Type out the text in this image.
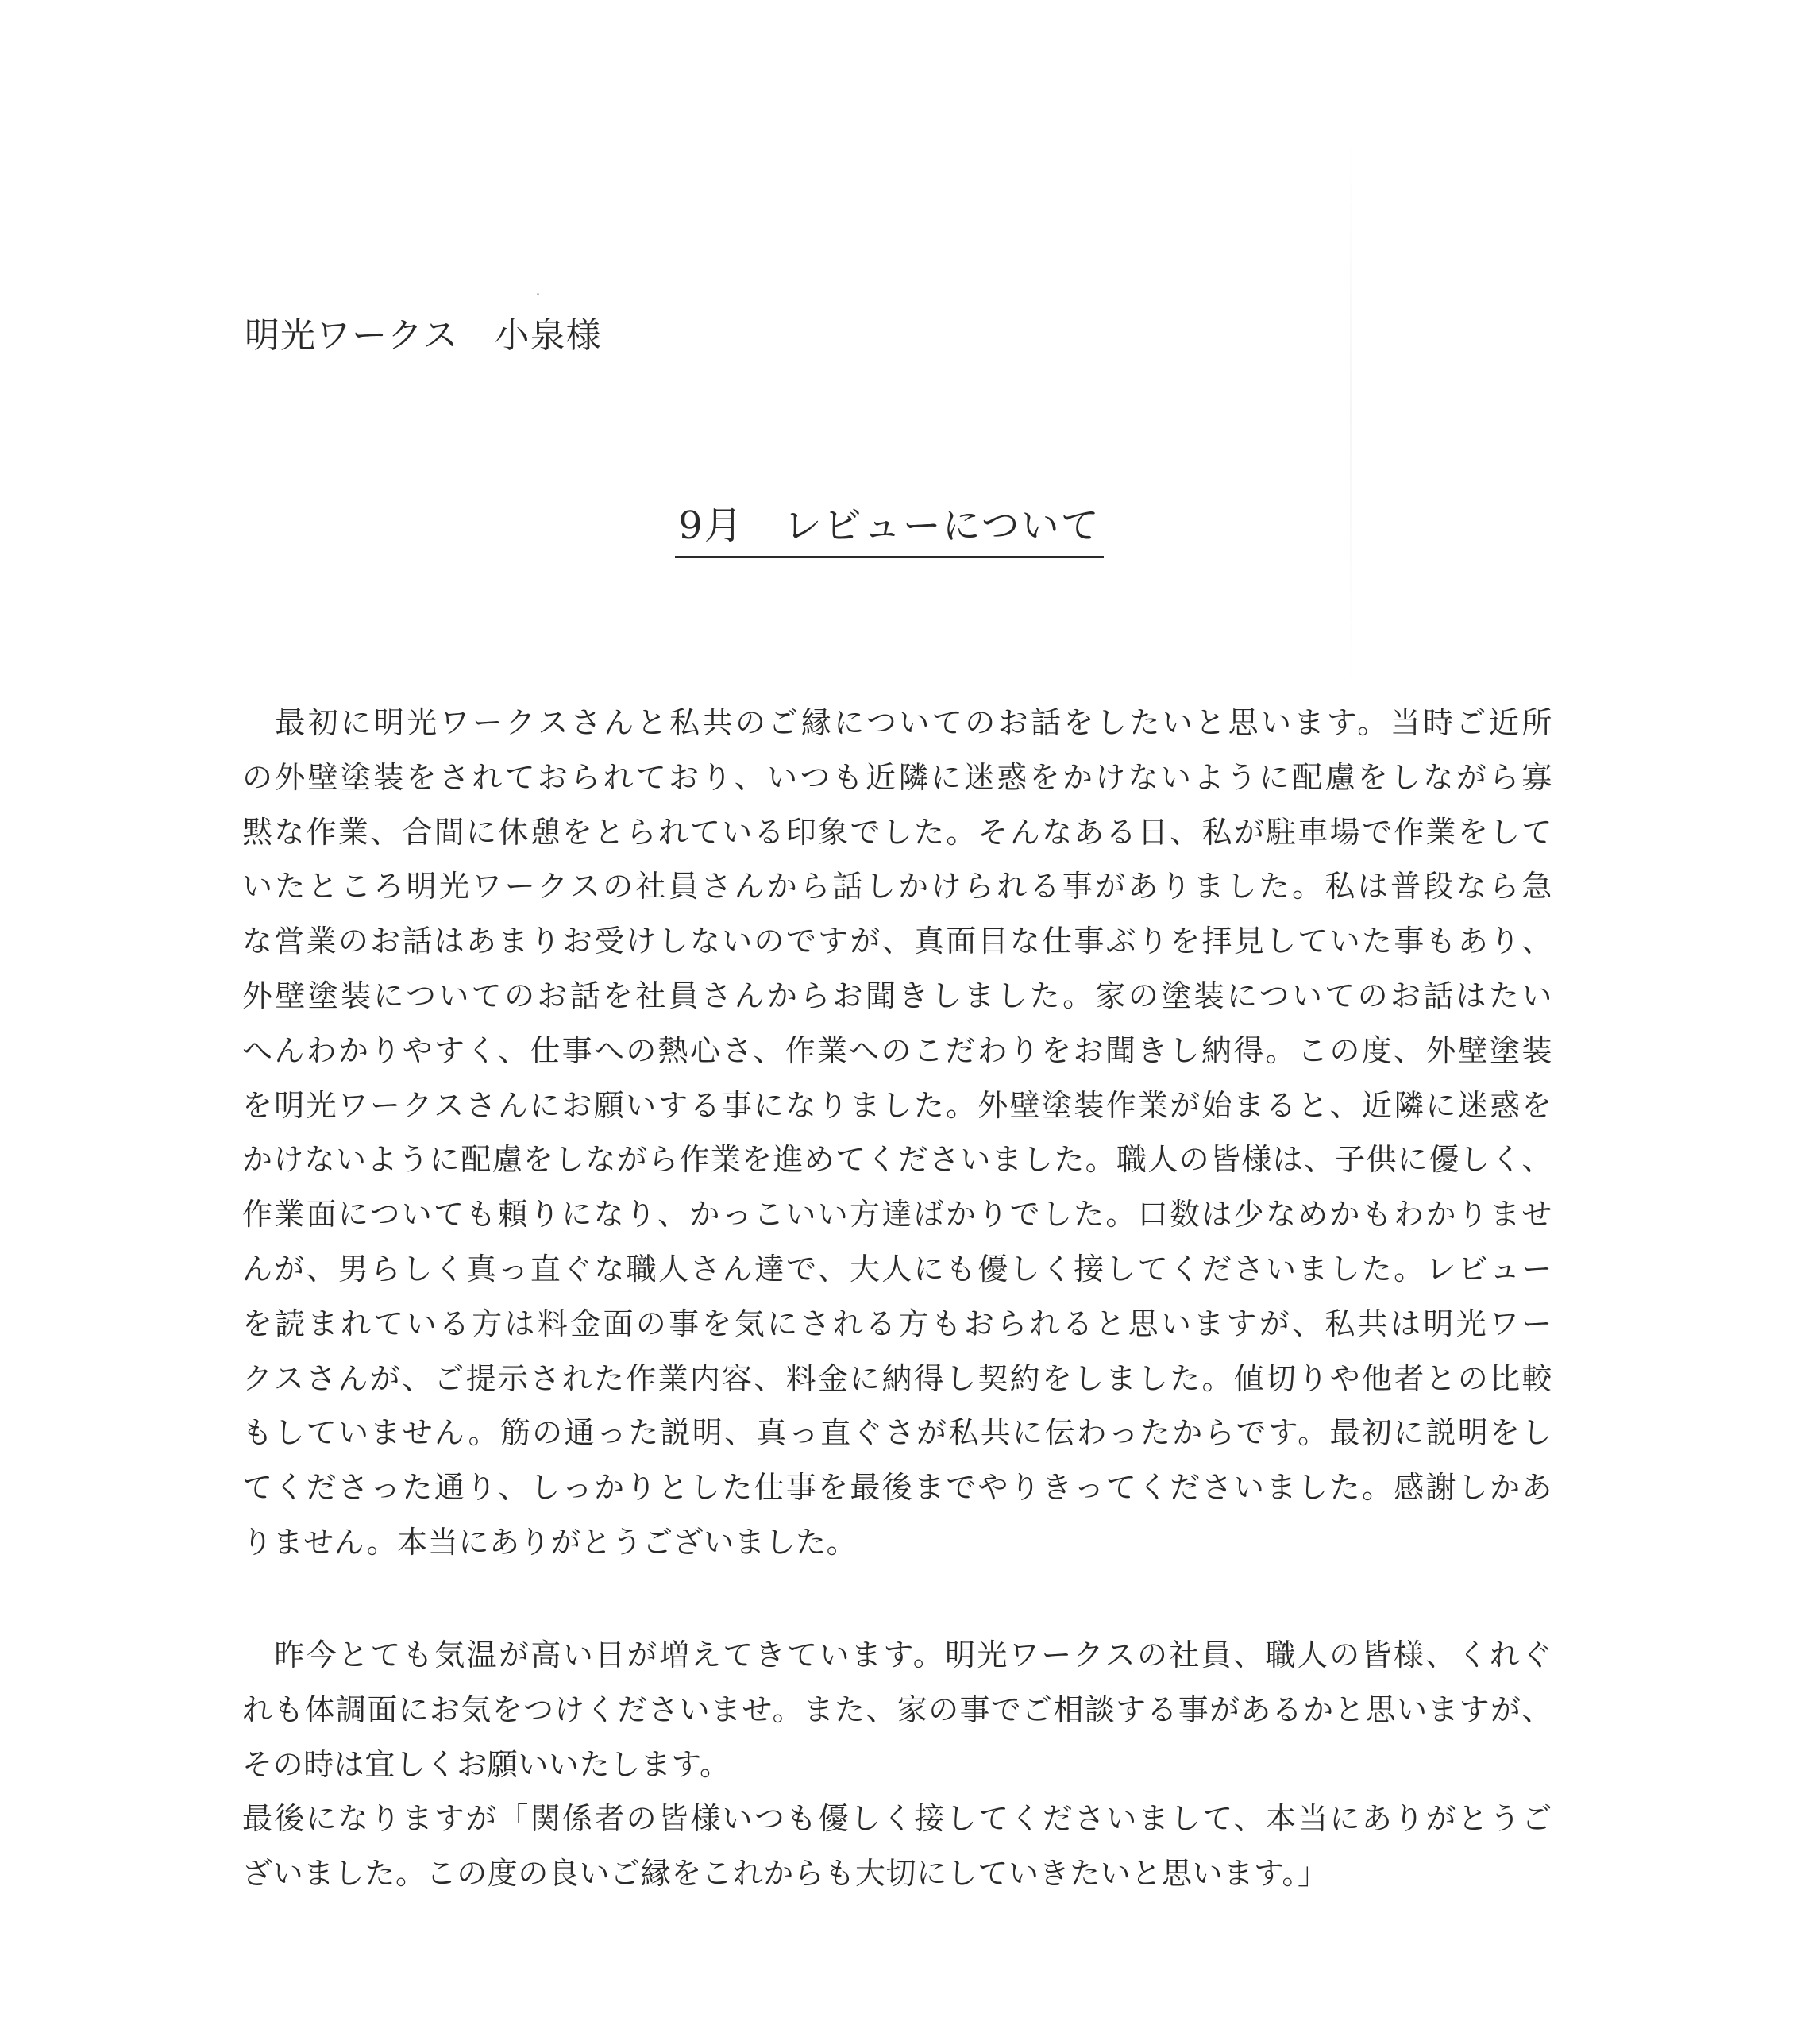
明光ワークス　小泉様
9月　レビューについて
　最初に明光ワークスさんと私共のご縁についてのお話をしたいと思います。当時ご近所
の外壁塗装をされておられており、いつも近隣に迷惑をかけないように配慮をしながら寡
黙な作業、合間に休憩をとられている印象でした。そんなある日、私が駐車場で作業をして
いたところ明光ワークスの社員さんから話しかけられる事がありました。私は普段なら急
な営業のお話はあまりお受けしないのですが、真面目な仕事ぶりを拝見していた事もあり、
外壁塗装についてのお話を社員さんからお聞きしました。家の塗装についてのお話はたい
へんわかりやすく、仕事への熱心さ、作業へのこだわりをお聞きし納得。この度、外壁塗装
を明光ワークスさんにお願いする事になりました。外壁塗装作業が始まると、近隣に迷惑を
かけないように配慮をしながら作業を進めてくださいました。職人の皆様は、子供に優しく、
作業面についても頼りになり、かっこいい方達ばかりでした。口数は少なめかもわかりませ
んが、男らしく真っ直ぐな職人さん達で、大人にも優しく接してくださいました。レビュー
を読まれている方は料金面の事を気にされる方もおられると思いますが、私共は明光ワー
クスさんが、ご提示された作業内容、料金に納得し契約をしました。値切りや他者との比較
もしていません。筋の通った説明、真っ直ぐさが私共に伝わったからです。最初に説明をし
てくださった通り、しっかりとした仕事を最後までやりきってくださいました。感謝しかあ
りません。本当にありがとうございました。
　昨今とても気温が高い日が増えてきています。明光ワークスの社員、職人の皆様、くれぐ
れも体調面にお気をつけくださいませ。また、家の事でご相談する事があるかと思いますが、
その時は宜しくお願いいたします。
最後になりますが「関係者の皆様いつも優しく接してくださいまして、本当にありがとうご
ざいました。この度の良いご縁をこれからも大切にしていきたいと思います。」
